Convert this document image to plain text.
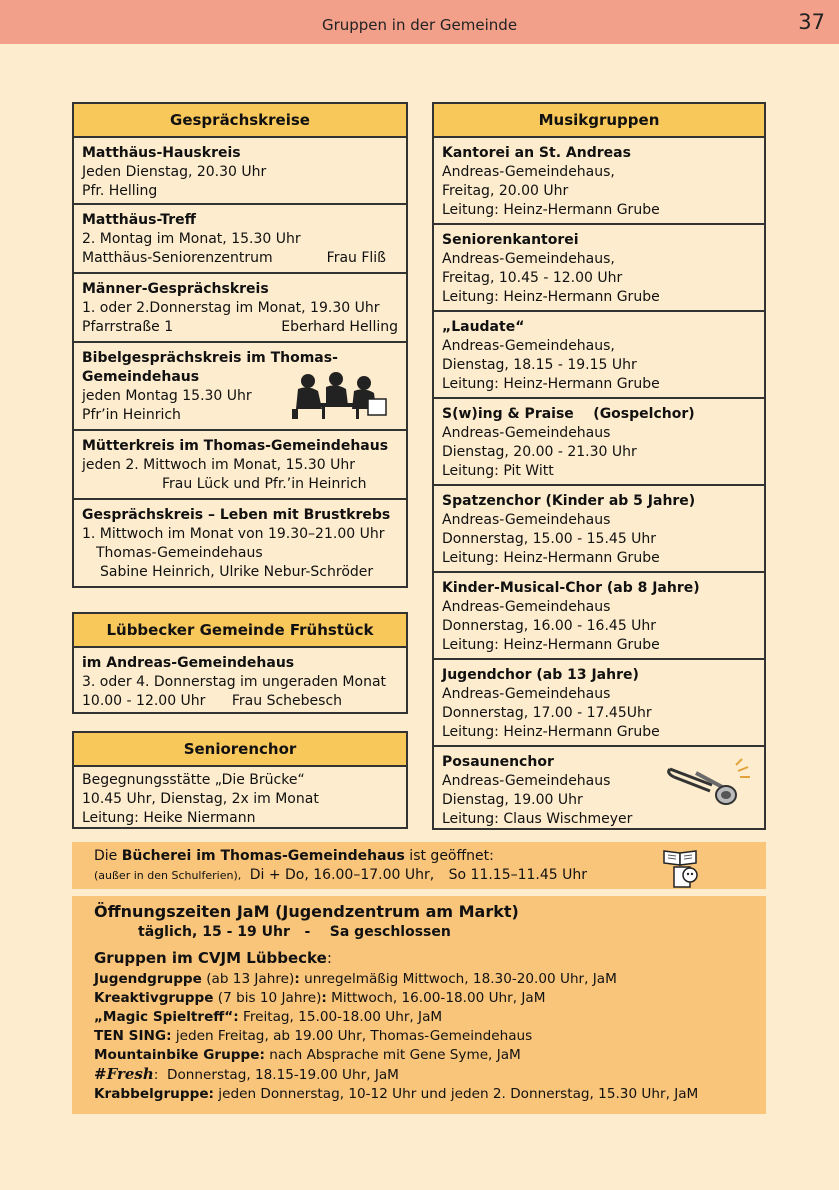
Gruppen in der Gemeinde	37
Gesprächskreise
Matthäus-Hauskreis
Jeden Dienstag, 20.30 Uhr
Pfr. Helling
Matthäus-Treff
2. Montag im Monat, 15.30 Uhr
Matthäus-Seniorenzentrum	Frau Fliß
Männer-Gesprächskreis
1. oder 2.Donnerstag im Monat, 19.30 Uhr
Pfarrstraße 1	Eberhard Helling
Bibelgesprächskreis im Thomas-
Gemeindehaus
jeden Montag 15.30 Uhr
Pfr’in Heinrich
Mütterkreis im Thomas-Gemeindehaus
jeden 2. Mittwoch im Monat, 15.30 Uhr
Frau Lück und Pfr.’in Heinrich
Gesprächskreis – Leben mit Brustkrebs
1. Mittwoch im Monat von 19.30–21.00 Uhr
Thomas-Gemeindehaus
Sabine Heinrich, Ulrike Nebur-Schröder
Lübbecker Gemeinde Frühstück
im Andreas-Gemeindehaus
3. oder 4. Donnerstag im ungeraden Monat
10.00 - 12.00 Uhr Frau Schebesch
Seniorenchor
Begegnungsstätte „Die Brücke“
10.45 Uhr, Dienstag, 2x im Monat
Leitung: Heike Niermann
Musikgruppen
Kantorei an St. Andreas
Andreas-Gemeindehaus,
Freitag, 20.00 Uhr
Leitung: Heinz-Hermann Grube
Seniorenkantorei
Andreas-Gemeindehaus,
Freitag, 10.45 - 12.00 Uhr
Leitung: Heinz-Hermann Grube
„Laudate“
Andreas-Gemeindehaus,
Dienstag, 18.15 - 19.15 Uhr
Leitung: Heinz-Hermann Grube
S(w)ing & Praise    (Gospelchor)
Andreas-Gemeindehaus
Dienstag, 20.00 - 21.30 Uhr
Leitung: Pit Witt
Spatzenchor (Kinder ab 5 Jahre)
Andreas-Gemeindehaus
Donnerstag, 15.00 - 15.45 Uhr
Leitung: Heinz-Hermann Grube
Kinder-Musical-Chor (ab 8 Jahre)
Andreas-Gemeindehaus
Donnerstag, 16.00 - 16.45 Uhr
Leitung: Heinz-Hermann Grube
Jugendchor (ab 13 Jahre)
Andreas-Gemeindehaus
Donnerstag, 17.00 - 17.45Uhr
Leitung: Heinz-Hermann Grube
Posaunenchor
Andreas-Gemeindehaus
Dienstag, 19.00 Uhr
Leitung: Claus Wischmeyer
Die Bücherei im Thomas-Gemeindehaus ist geöffnet:
(außer in den Schulferien), Di + Do, 16.00–17.00 Uhr, So 11.15–11.45 Uhr
Öffnungszeiten JaM (Jugendzentrum am Markt)
täglich, 15 - 19 Uhr   -    Sa geschlossen
Gruppen im CVJM Lübbecke:
Jugendgruppe (ab 13 Jahre): unregelmäßig Mittwoch, 18.30-20.00 Uhr, JaM
Kreaktivgruppe (7 bis 10 Jahre): Mittwoch, 16.00-18.00 Uhr, JaM
„Magic Spieltreff“: Freitag, 15.00-18.00 Uhr, JaM
TEN SING: jeden Freitag, ab 19.00 Uhr, Thomas-Gemeindehaus
Mountainbike Gruppe: nach Absprache mit Gene Syme, JaM
#Fresh:  Donnerstag, 18.15-19.00 Uhr, JaM
Krabbelgruppe: jeden Donnerstag, 10-12 Uhr und jeden 2. Donnerstag, 15.30 Uhr, JaM
